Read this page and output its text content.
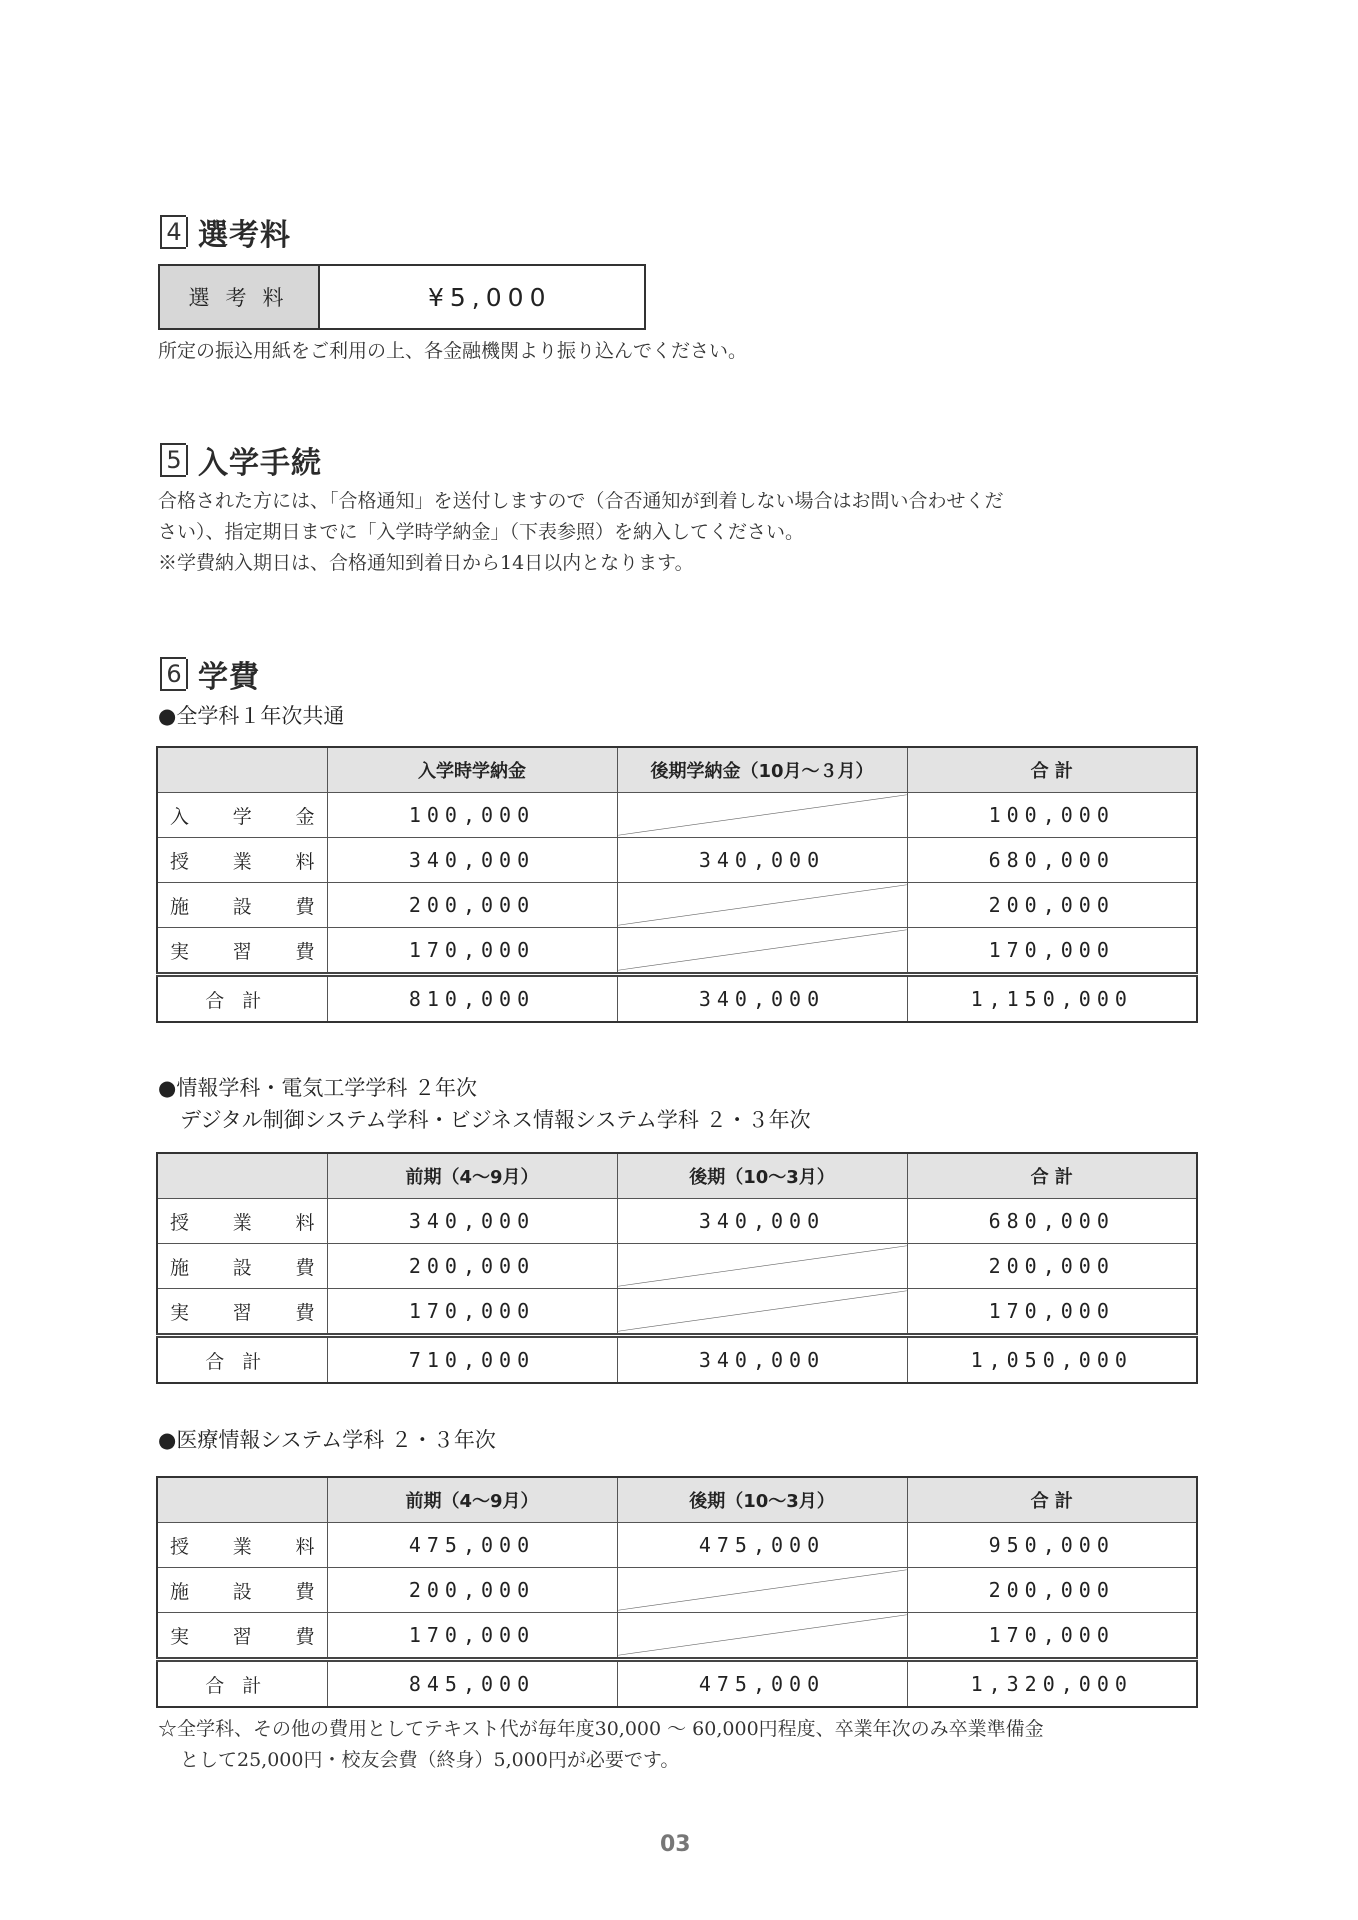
4 選考料
選考料	¥5,000
所定の振込用紙をご利用の上、各金融機関より振り込んでください。
5 入学手続
合格された方には、「合格通知」を送付しますので（合否通知が到着しない場合はお問い合わせくだ
さい）、指定期日までに「入学時学納金」（下表参照）を納入してください。
※学費納入期日は、合格通知到着日から14日以内となります。
6 学費
●全学科１年次共通
	入学時学納金	後期学納金（10月～３月）	合 計
入学金	100,000		100,000
授業料	340,000	340,000	680,000
施設費	200,000		200,000
実習費	170,000		170,000
合計	810,000	340,000	1,150,000
●情報学科・電気工学学科 ２年次
デジタル制御システム学科・ビジネス情報システム学科 ２・３年次
	前期（4～9月）	後期（10～3月）	合 計
授業料	340,000	340,000	680,000
施設費	200,000		200,000
実習費	170,000		170,000
合計	710,000	340,000	1,050,000
●医療情報システム学科 ２・３年次
	前期（4～9月）	後期（10～3月）	合 計
授業料	475,000	475,000	950,000
施設費	200,000		200,000
実習費	170,000		170,000
合計	845,000	475,000	1,320,000
☆全学科、その他の費用としてテキスト代が毎年度30,000 ～ 60,000円程度、卒業年次のみ卒業準備金
として25,000円・校友会費（終身）5,000円が必要です。
03
